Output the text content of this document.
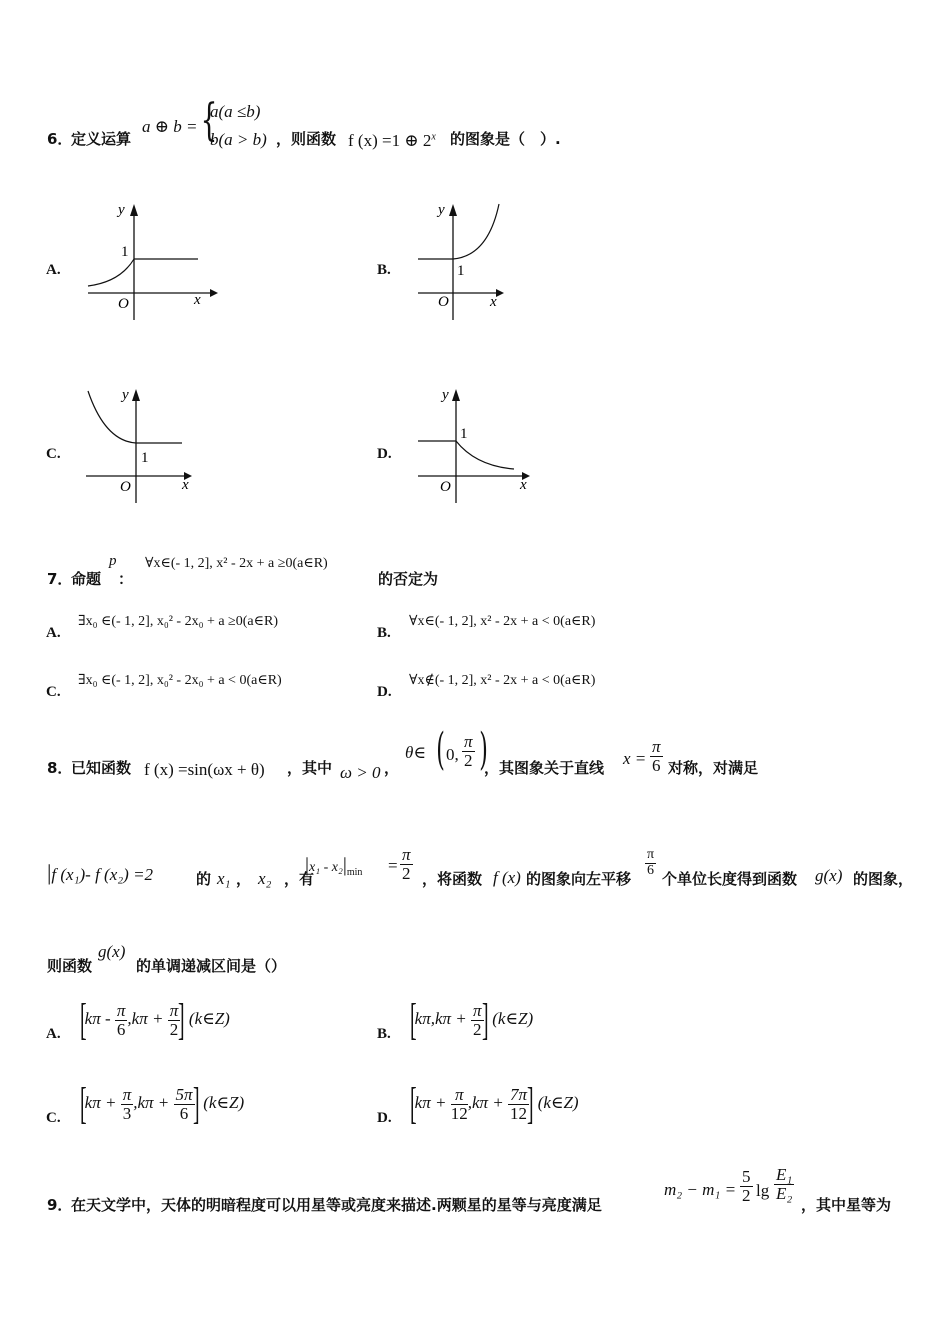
6．
定义运算
a ⊕ b = {
a(a ≤b)
b(a > b) ，则函数 f (x) =1 ⊕ 2$^x$ 的图象是（　）.
A.
y
x
O
1
B.
y
x
O
1
C.
y
x
O
1	D.
y
x
O
1
7．
命题
p
：
∀x∈(- 1, 2], x² - 2x + a ≥0(a∈R)
的否定为
A.
∃x₀ ∈(- 1, 2], x₀² - 2x₀ + a ≥0(a∈R)
B.
∀x∈(- 1, 2], x² - 2x + a < 0(a∈R)
C.
∃x₀ ∈(- 1, 2], x₀² - 2x₀ + a < 0(a∈R)
D.
∀x∉(- 1, 2], x² - 2x + a < 0(a∈R)
8．
已知函数 f (x) =sin(ωx + θ) ，其中 ω > 0 ，
θ∈ ( 0, $\frac{\pi}{2}$ )
，其图象关于直线 $x = \frac{\pi}{6}$ 对称，对满足
|f (x₁)- f (x₂) =2	的 x₁ ， x₂ ，有
$|x_1 - x_2|_{min} = \frac{\pi}{2}$ ，将函数 f (x) 的图象向左平移
$\frac{\pi}{6}$
个单位长度得到函数 g(x) 的图象，
则函数
g(x)
的单调递减区间是（）
A. [$k\pi - \frac{\pi}{6} ,k\pi + \frac{\pi}{2}$
] (k∈Z)
B. [$k\pi,k\pi + \frac{\pi}{2}$
] (k∈Z)
C. [$k\pi + \frac{\pi}{3} ,k\pi + \frac{5\pi}{6}$
] (k∈Z)
D. [$k\pi + \frac{\pi}{12} ,k\pi + \frac{7\pi}{12}$
] (k∈Z)
9．
在天文学中，天体的明暗程度可以用星等或亮度来描述.两颗星的星等与亮度满足
$m_2 - m_1 = \frac{5}{2}$ $\lg \frac{\text{E₁}}{\text{E₂}}$
，其中星等为
